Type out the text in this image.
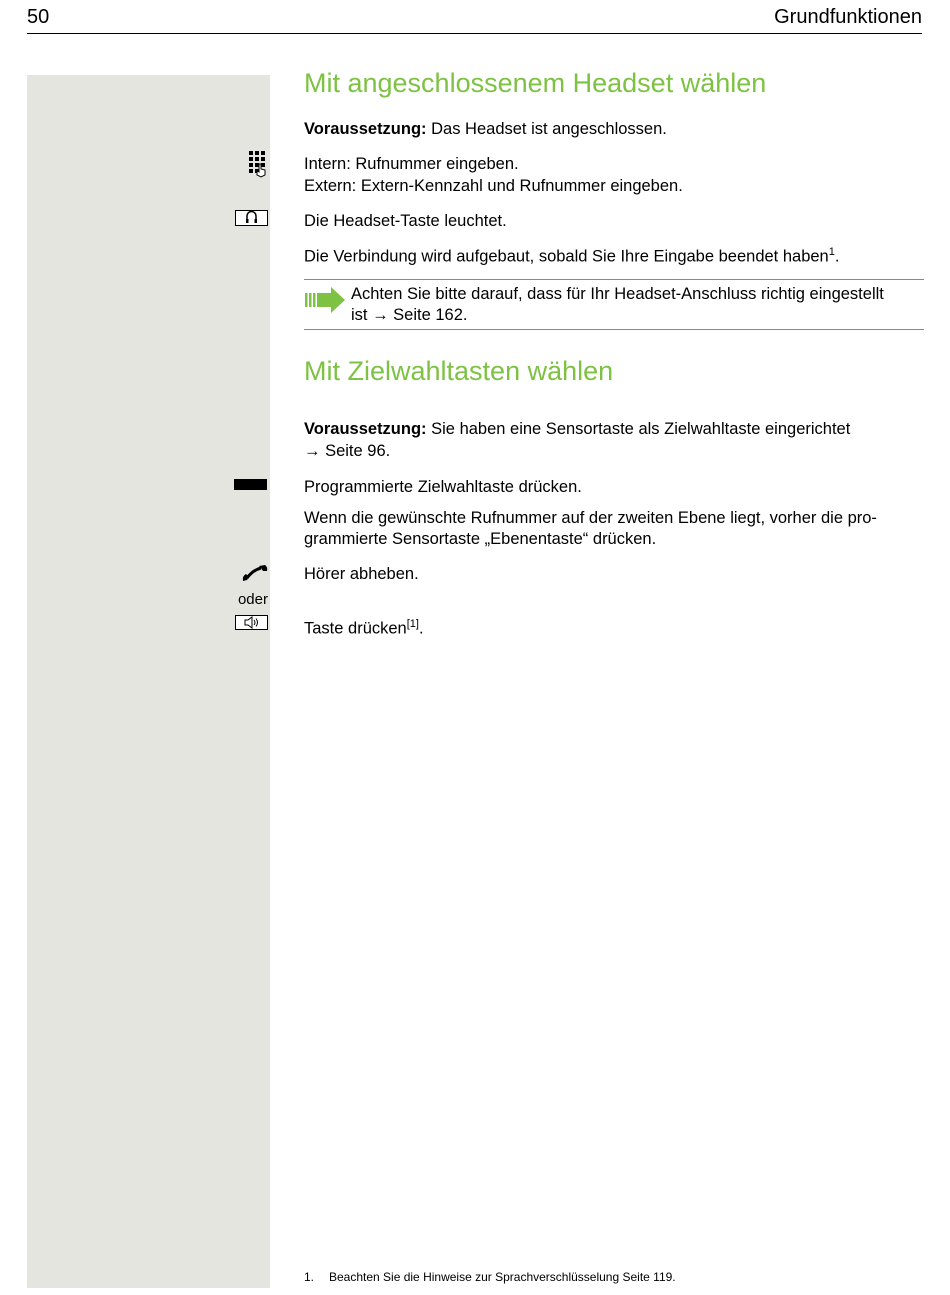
50	Grundfunktionen
Mit angeschlossenem Headset wählen
Voraussetzung: Das Headset ist angeschlossen.
Intern: Rufnummer eingeben.
Extern: Extern-Kennzahl und Rufnummer eingeben.
Die Headset-Taste leuchtet.
Die Verbindung wird aufgebaut, sobald Sie Ihre Eingabe beendet haben$^1$.
Achten Sie bitte darauf, dass für Ihr Headset-Anschluss richtig eingestellt
ist → Seite 162.
Mit Zielwahltasten wählen
Voraussetzung: Sie haben eine Sensortaste als Zielwahltaste eingerichtet
→ Seite 96.
Programmierte Zielwahltaste drücken.
Wenn die gewünschte Rufnummer auf der zweiten Ebene liegt, vorher die pro-
grammierte Sensortaste „Ebenentaste“ drücken.
Hörer abheben.
oder
Taste drücken[1].
1. Beachten Sie die Hinweise zur Sprachverschlüsselung Seite 119.
